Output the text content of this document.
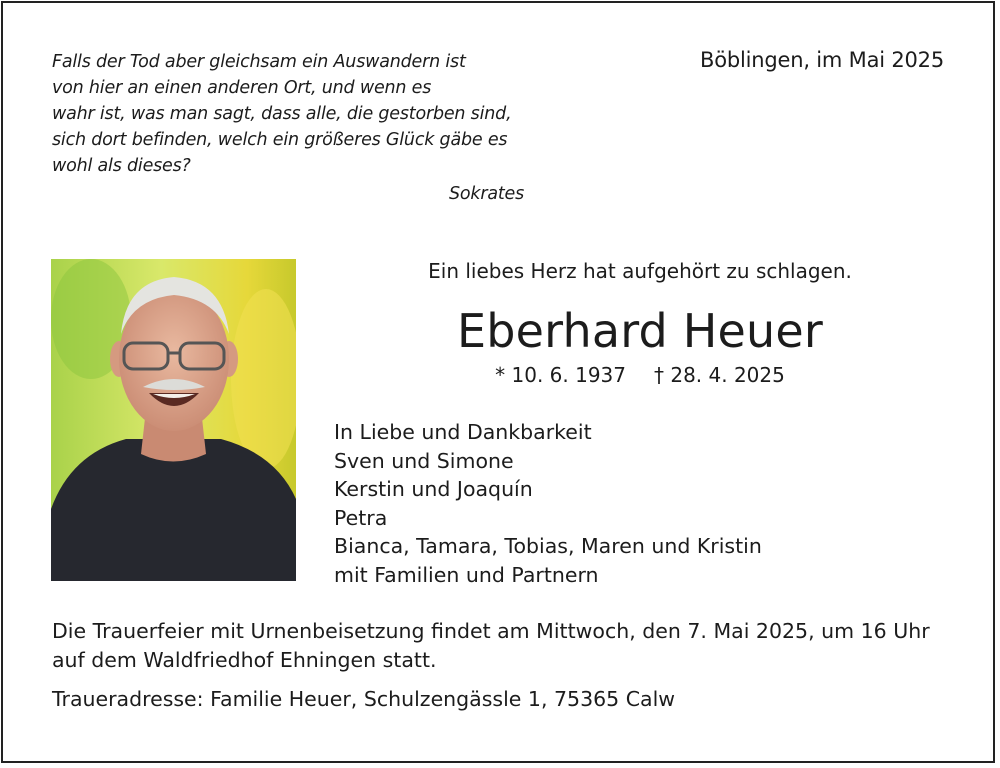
Falls der Tod aber gleichsam ein Auswandern ist
von hier an einen anderen Ort, und wenn es
wahr ist, was man sagt, dass alle, die gestorben sind,
sich dort befinden, welch ein größeres Glück gäbe es
wohl als dieses?
Sokrates
Böblingen, im Mai 2025
Ein liebes Herz hat aufgehört zu schlagen.
Eberhard Heuer
* 10. 6. 1937 † 28. 4. 2025
In Liebe und Dankbarkeit
Sven und Simone
Kerstin und Joaquín
Petra
Bianca, Tamara, Tobias, Maren und Kristin
mit Familien und Partnern
Die Trauerfeier mit Urnenbeisetzung findet am Mittwoch, den 7. Mai 2025, um 16 Uhr
auf dem Waldfriedhof Ehningen statt.
Traueradresse: Familie Heuer, Schulzengässle 1, 75365 Calw
